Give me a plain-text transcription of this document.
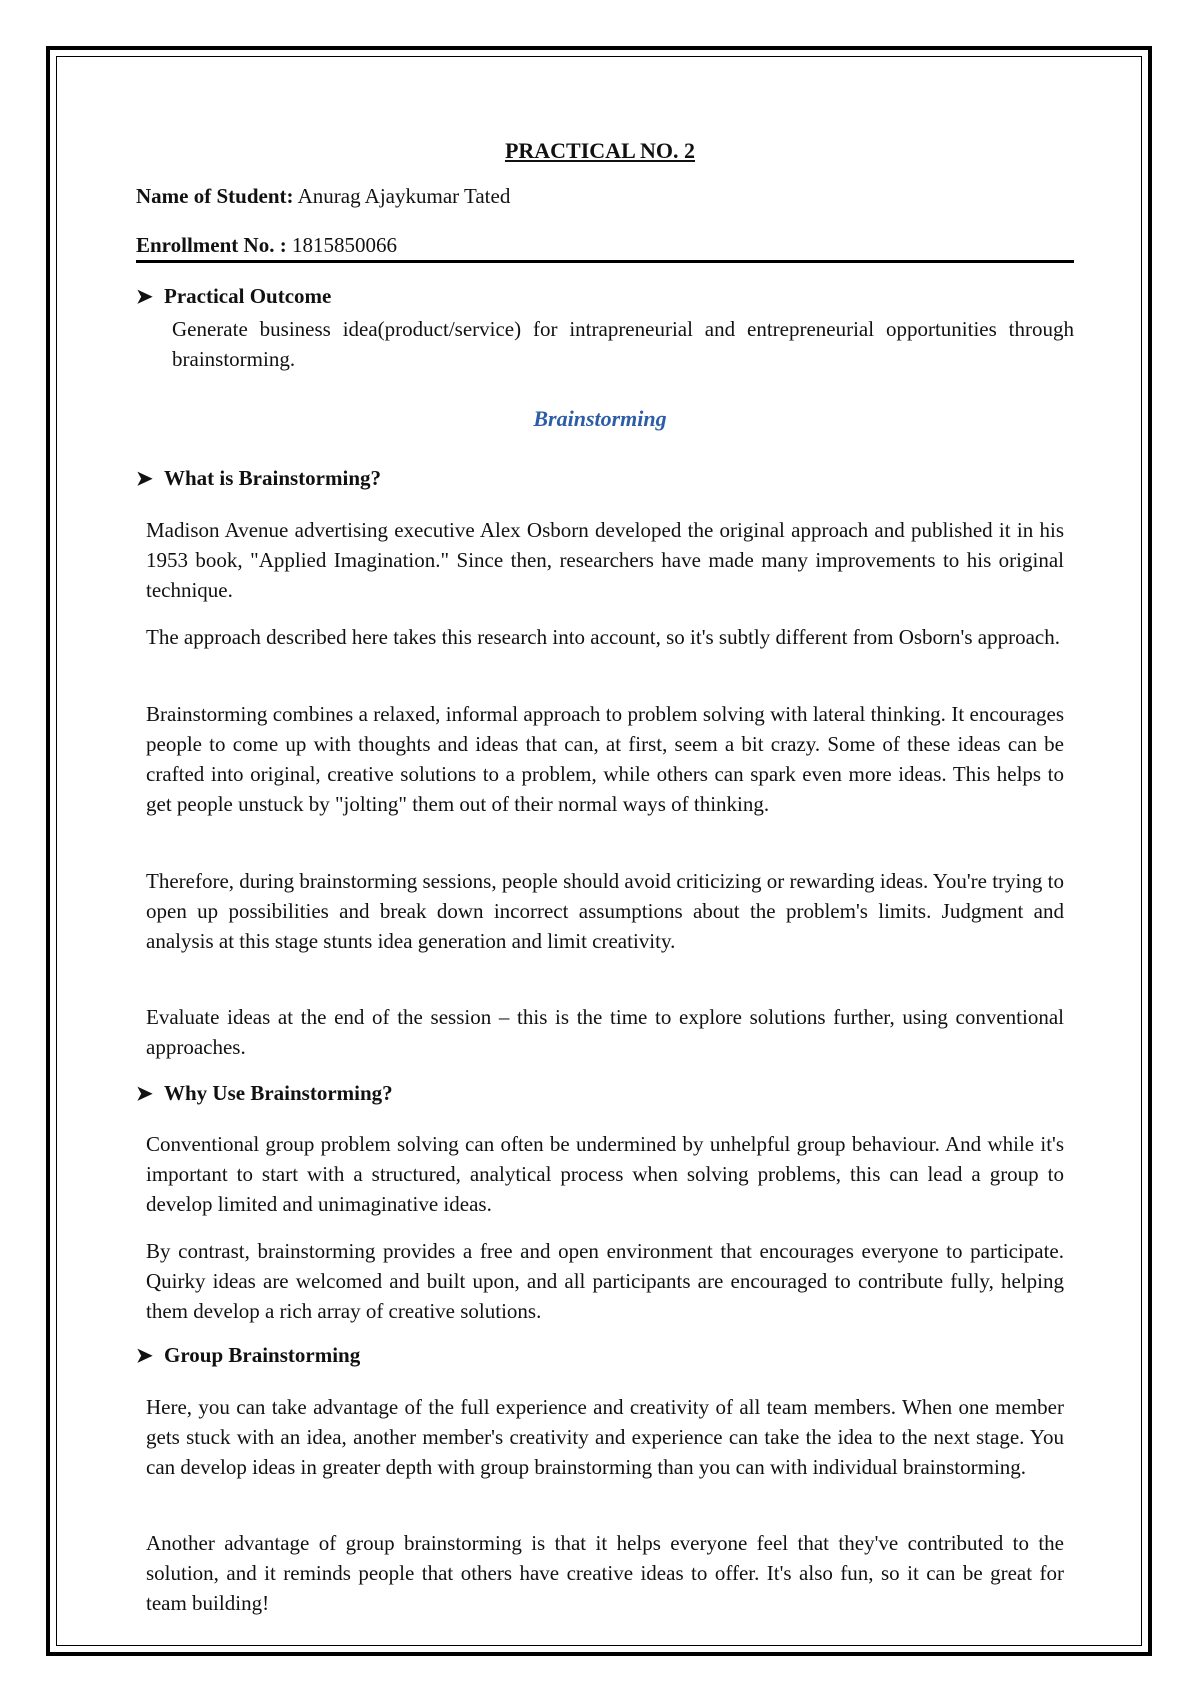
PRACTICAL NO. 2
Name of Student: Anurag Ajaykumar Tated
Enrollment No. : 1815850066
➤ Practical Outcome

Generate business idea(product/service) for intrapreneurial and entrepreneurial opportunities through brainstorming.

Brainstorming
➤ What is Brainstorming?

Madison Avenue advertising executive Alex Osborn developed the original approach and published it in his 1953 book, "Applied Imagination." Since then, researchers have made many improvements to his original technique.

The approach described here takes this research into account, so it's subtly different from Osborn's approach.

Brainstorming combines a relaxed, informal approach to problem solving with lateral thinking. It encourages people to come up with thoughts and ideas that can, at first, seem a bit crazy. Some of these ideas can be crafted into original, creative solutions to a problem, while others can spark even more ideas. This helps to get people unstuck by "jolting" them out of their normal ways of thinking.

Therefore, during brainstorming sessions, people should avoid criticizing or rewarding ideas. You're trying to open up possibilities and break down incorrect assumptions about the problem's limits. Judgment and analysis at this stage stunts idea generation and limit creativity.

Evaluate ideas at the end of the session – this is the time to explore solutions further, using conventional approaches.

➤ Why Use Brainstorming?

Conventional group problem solving can often be undermined by unhelpful group behaviour. And while it's important to start with a structured, analytical process when solving problems, this can lead a group to develop limited and unimaginative ideas.

By contrast, brainstorming provides a free and open environment that encourages everyone to participate. Quirky ideas are welcomed and built upon, and all participants are encouraged to contribute fully, helping them develop a rich array of creative solutions.

➤ Group Brainstorming

Here, you can take advantage of the full experience and creativity of all team members. When one member gets stuck with an idea, another member's creativity and experience can take the idea to the next stage. You can develop ideas in greater depth with group brainstorming than you can with individual brainstorming.

Another advantage of group brainstorming is that it helps everyone feel that they've contributed to the solution, and it reminds people that others have creative ideas to offer. It's also fun, so it can be great for team building!
